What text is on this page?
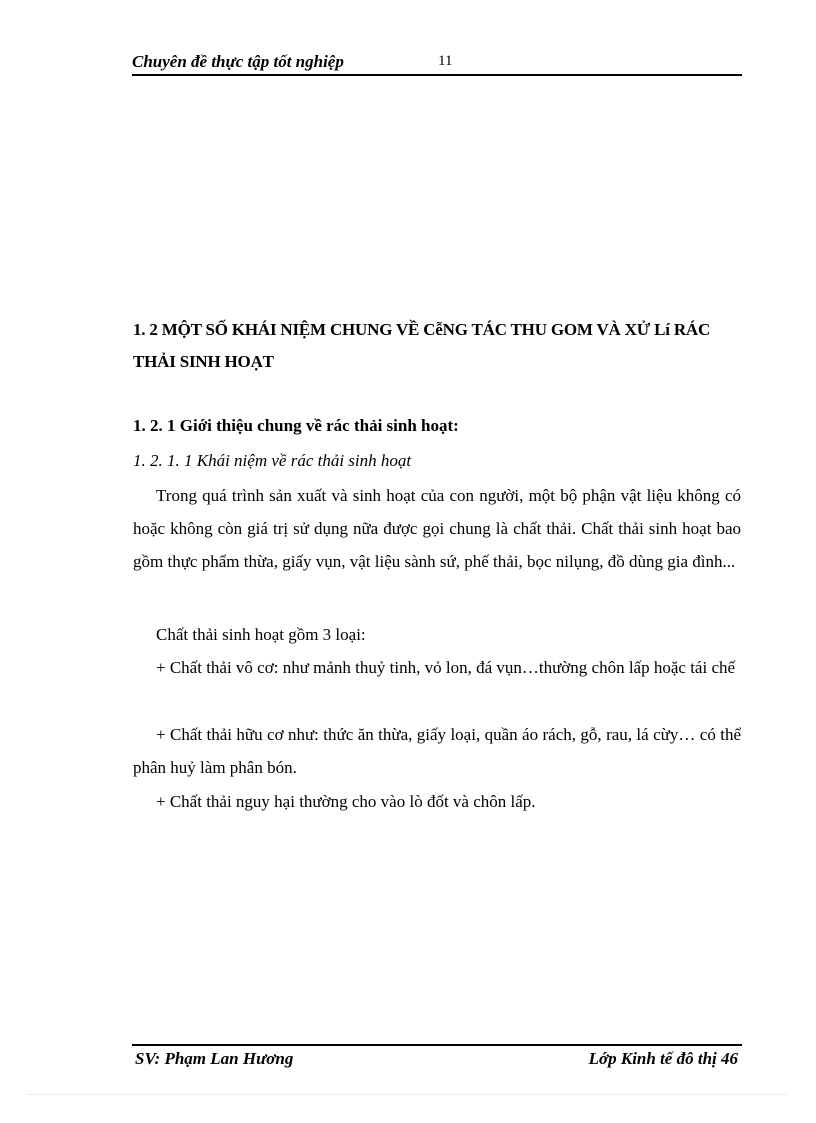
Chuyên đề thực tập tốt nghiệp	11
1. 2 MỘT SỐ KHÁI NIỆM CHUNG VỀ CễNG TÁC THU GOM VÀ XỬ Lí RÁC THẢI SINH HOẠT
1. 2. 1 Giới thiệu chung về rác thải sinh hoạt:
1. 2. 1. 1 Khái niệm về rác thải sinh hoạt
Trong quá trình sản xuất và sinh hoạt của con người, một bộ phận vật liệu không có hoặc không còn giá trị sử dụng nữa được gọi chung là chất thải. Chất thải sinh hoạt bao gồm thực phẩm thừa, giấy vụn, vật liệu sành sứ, phế thải, bọc nilụng, đồ dùng gia đình...
Chất thải sinh hoạt gồm 3 loại:
+ Chất thải vô cơ: như mảnh thuỷ tinh, vỏ lon, đá vụn…thường chôn lấp hoặc tái chế
+ Chất thải hữu cơ như: thức ăn thừa, giấy loại, quần áo rách, gỗ, rau, lá cừy… có thể phân huỷ làm phân bón.
+ Chất thải nguy hại thường cho vào lò đốt và chôn lấp.
SV: Phạm Lan Hương	Lớp Kinh tế đô thị 46
